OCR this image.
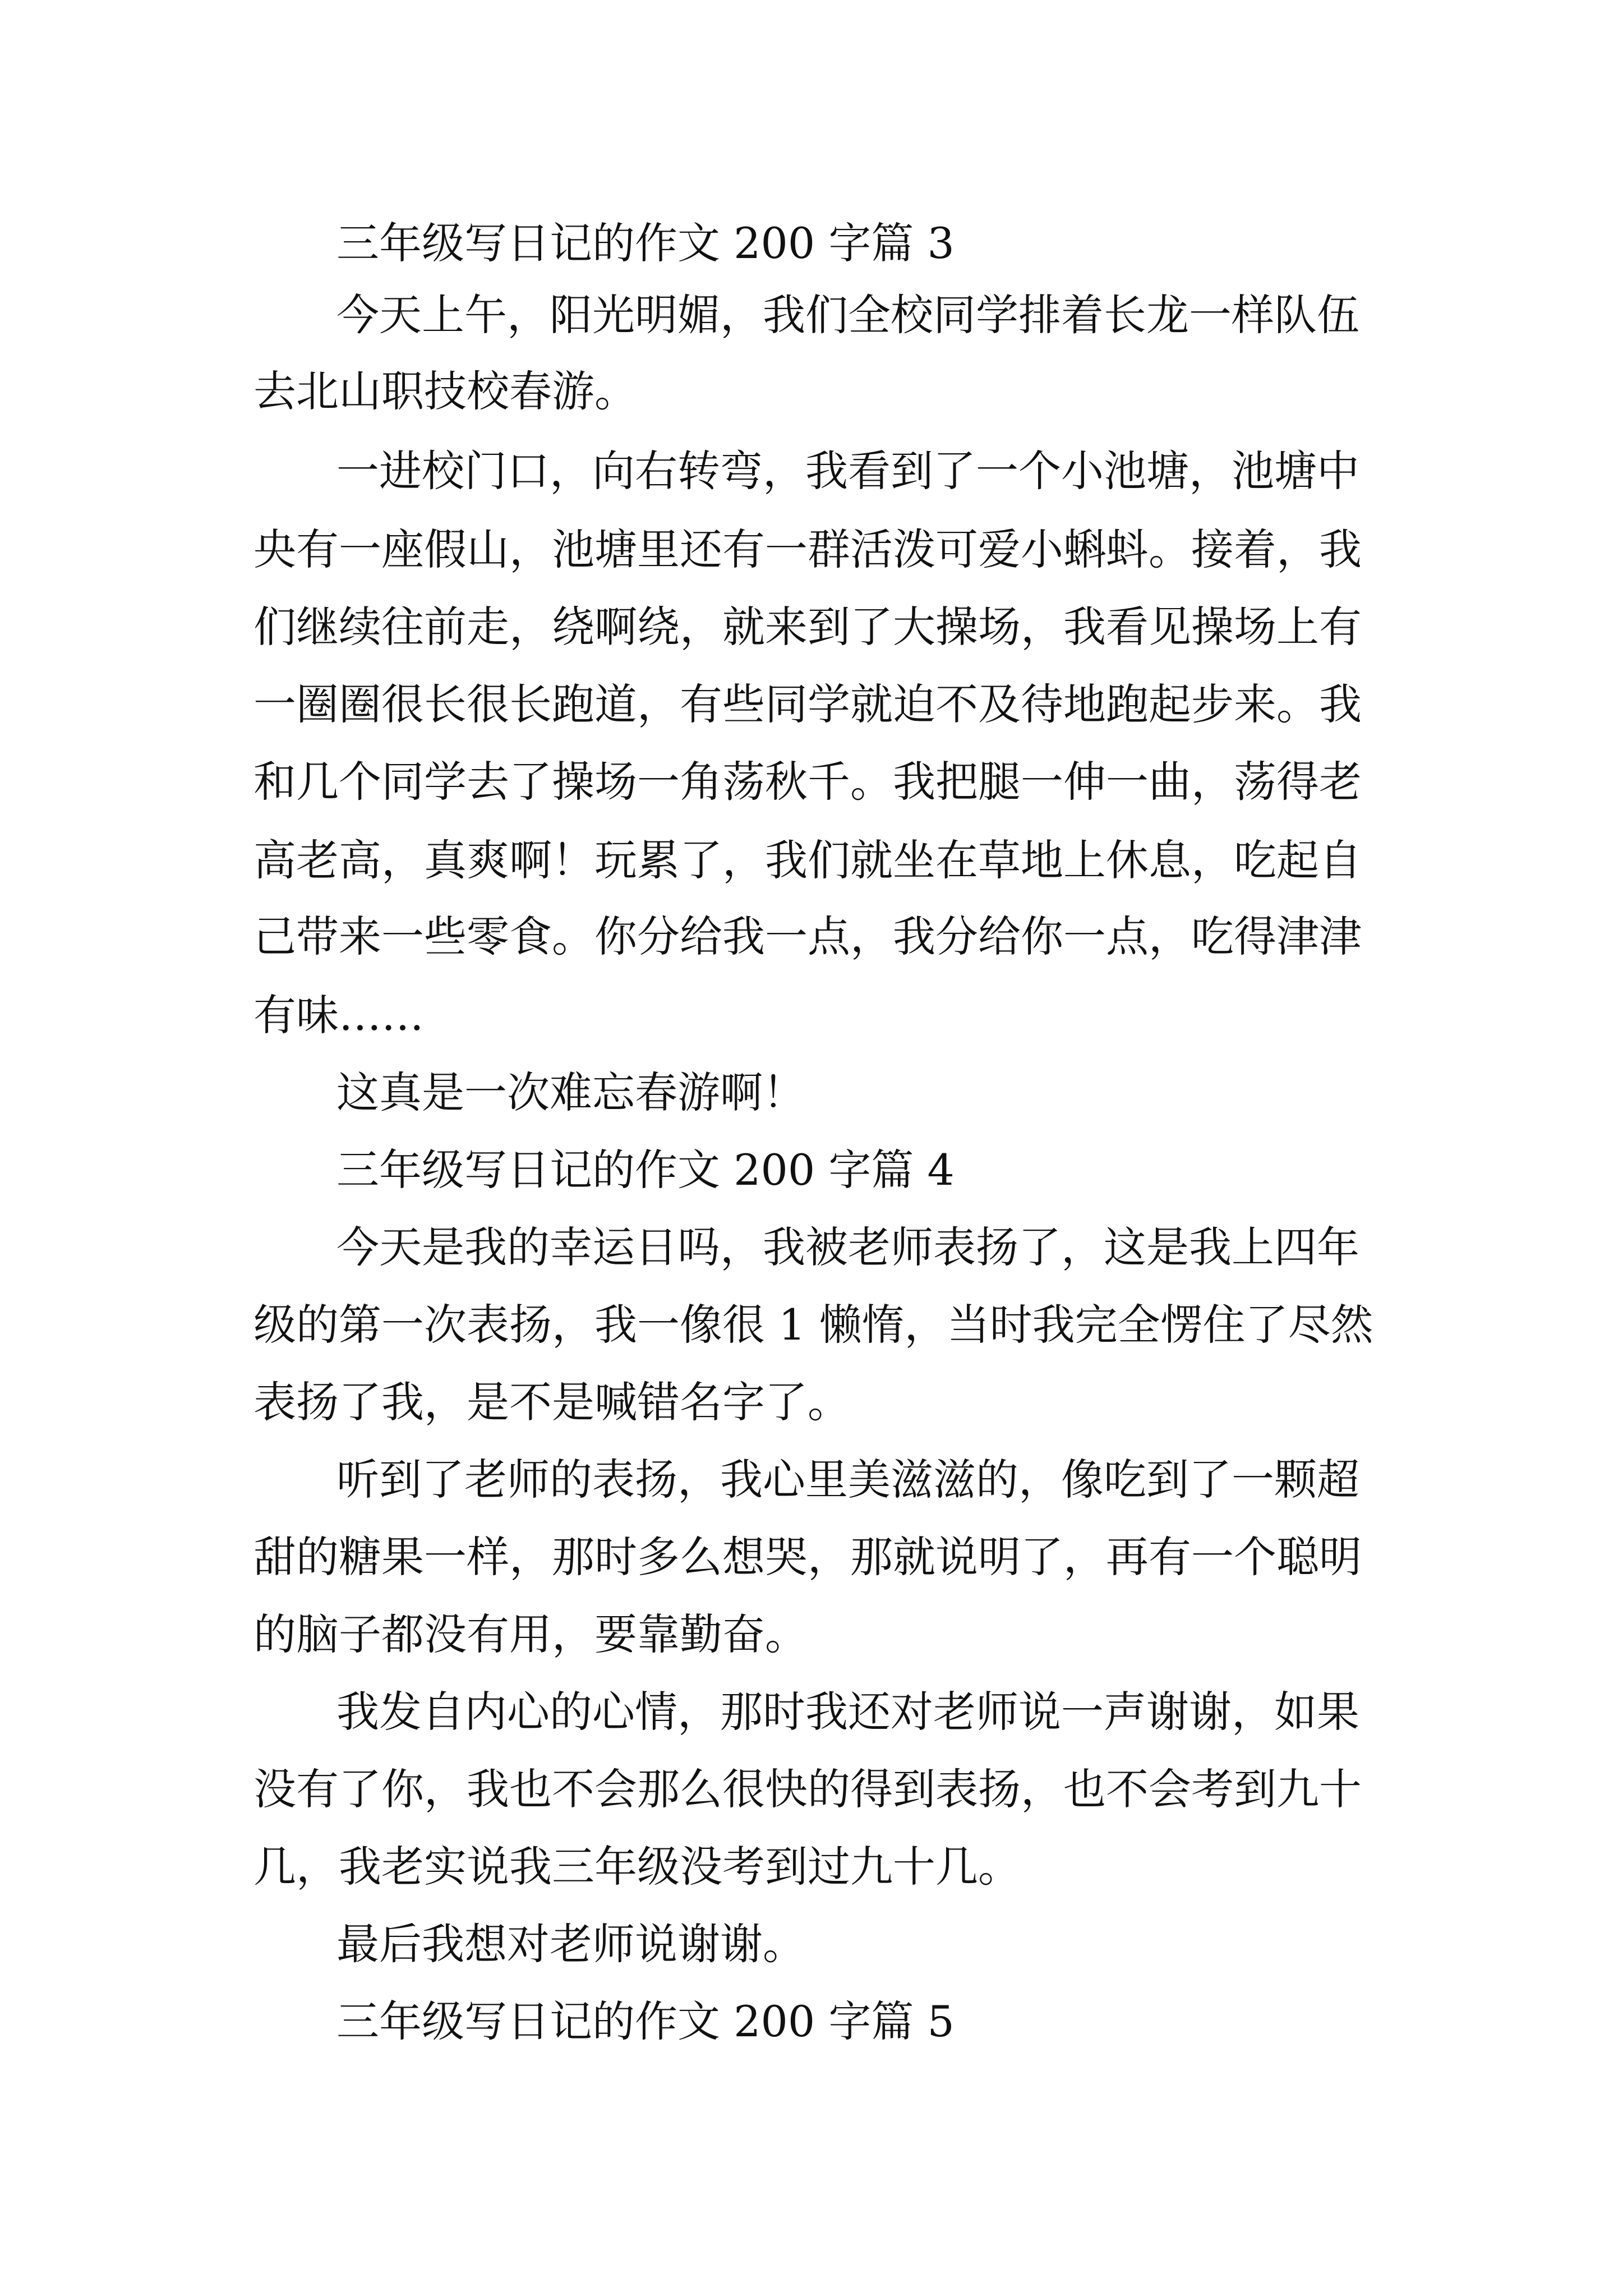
三年级写日记的作文 200 字篇 3
今天上午，阳光明媚，我们全校同学排着长龙一样队伍
去北山职技校春游。
一进校门口，向右转弯，我看到了一个小池塘，池塘中
央有一座假山，池塘里还有一群活泼可爱小蝌蚪。接着，我
们继续往前走，绕啊绕，就来到了大操场，我看见操场上有
一圈圈很长很长跑道，有些同学就迫不及待地跑起步来。我
和几个同学去了操场一角荡秋千。我把腿一伸一曲，荡得老
高老高，真爽啊！玩累了，我们就坐在草地上休息，吃起自
己带来一些零食。你分给我一点，我分给你一点，吃得津津
有味……
这真是一次难忘春游啊！
三年级写日记的作文 200 字篇 4
今天是我的幸运日吗，我被老师表扬了，这是我上四年
级的第一次表扬，我一像很 1 懒惰，当时我完全愣住了尽然
表扬了我，是不是喊错名字了。
听到了老师的表扬，我心里美滋滋的，像吃到了一颗超
甜的糖果一样，那时多么想哭，那就说明了，再有一个聪明
的脑子都没有用，要靠勤奋。
我发自内心的心情，那时我还对老师说一声谢谢，如果
没有了你，我也不会那么很快的得到表扬，也不会考到九十
几，我老实说我三年级没考到过九十几。
最后我想对老师说谢谢。
三年级写日记的作文 200 字篇 5
